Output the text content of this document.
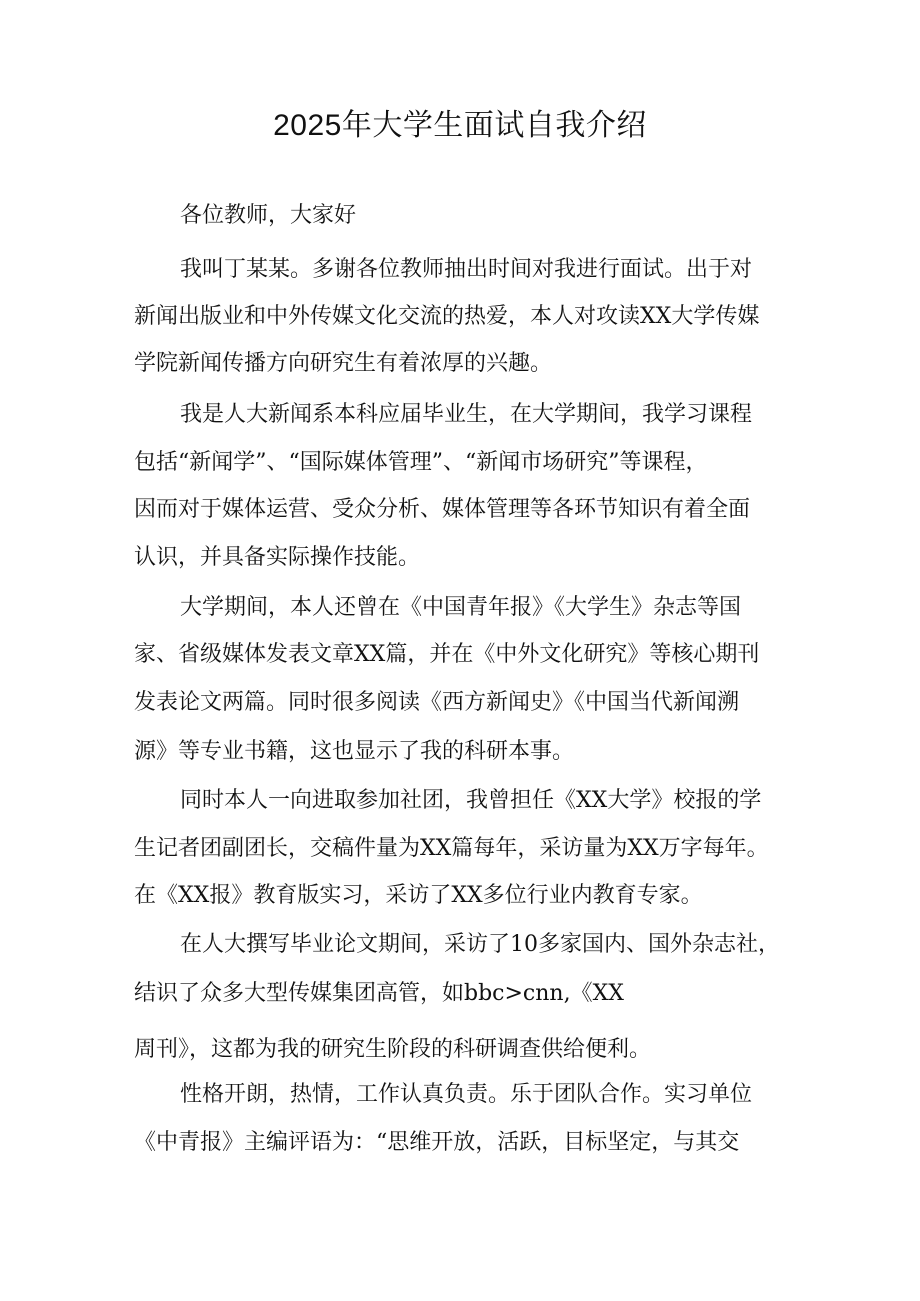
2025年大学生面试自我介绍

各位教师，大家好

我叫丁某某。多谢各位教师抽出时间对我进行面试。出于对

新闻出版业和中外传媒文化交流的热爱，本人对攻读XX大学传媒

学院新闻传播方向研究生有着浓厚的兴趣。

我是人大新闻系本科应届毕业生，在大学期间，我学习课程

包括“新闻学”、“国际媒体管理”、“新闻市场研究”等课程，

因而对于媒体运营、受众分析、媒体管理等各环节知识有着全面

认识，并具备实际操作技能。

大学期间，本人还曾在《中国青年报》《大学生》杂志等国

家、省级媒体发表文章XX篇，并在《中外文化研究》等核心期刊

发表论文两篇。同时很多阅读《西方新闻史》《中国当代新闻溯

源》等专业书籍，这也显示了我的科研本事。

同时本人一向进取参加社团，我曾担任《XX大学》校报的学

生记者团副团长，交稿件量为XX篇每年，采访量为XX万字每年。

在《XX报》教育版实习，采访了XX多位行业内教育专家。

在人大撰写毕业论文期间，采访了10多家国内、国外杂志社，

结识了众多大型传媒集团高管，如bbc>cnn,《XX

周刊》，这都为我的研究生阶段的科研调查供给便利。

性格开朗，热情，工作认真负责。乐于团队合作。实习单位

《中青报》主编评语为：“思维开放，活跃，目标坚定，与其交
